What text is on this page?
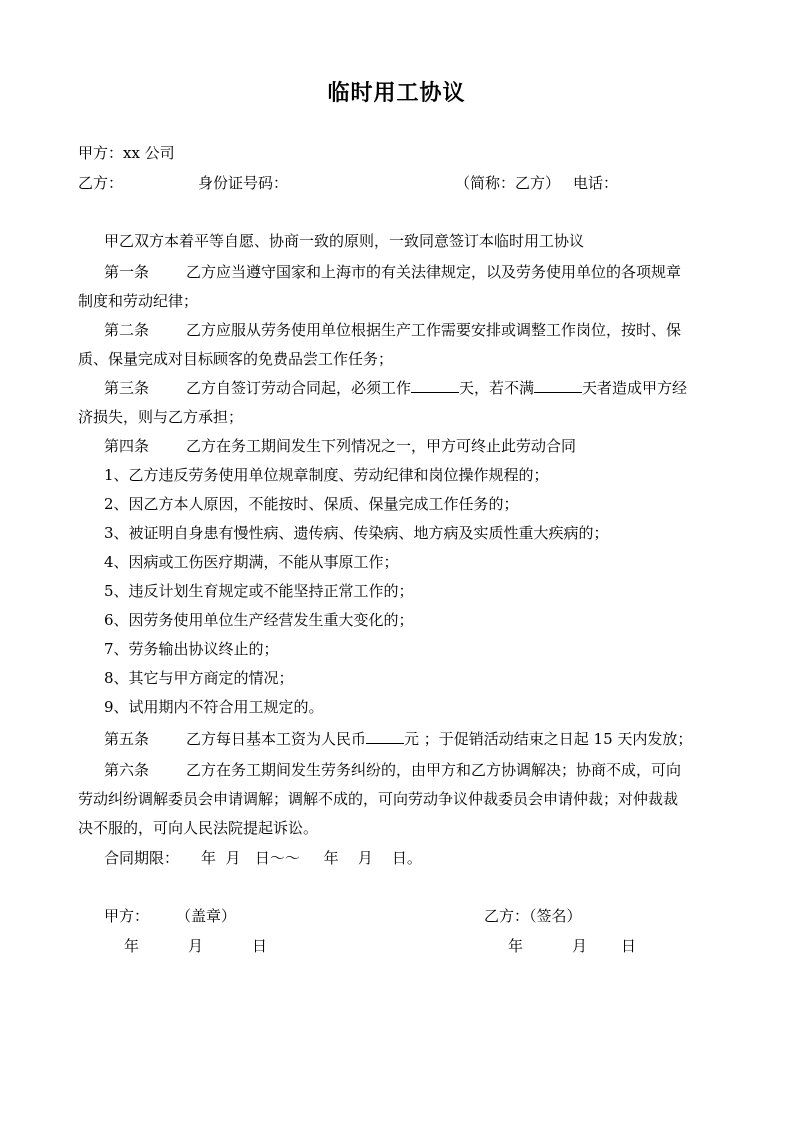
临时用工协议
甲方：xx 公司
乙方：	身份证号码：	（简称：乙方） 电话：
甲乙双方本着平等自愿、协商一致的原则，一致同意签订本临时用工协议
第一条 乙方应当遵守国家和上海市的有关法律规定，以及劳务使用单位的各项规章
制度和劳动纪律；
第二条 乙方应服从劳务使用单位根据生产工作需要安排或调整工作岗位，按时、保
质、保量完成对目标顾客的免费品尝工作任务；
第三条 乙方自签订劳动合同起，必须工作	天，若不满	天者造成甲方经
济损失，则与乙方承担；
第四条 乙方在务工期间发生下列情况之一，甲方可终止此劳动合同
1、乙方违反劳务使用单位规章制度、劳动纪律和岗位操作规程的；
2、因乙方本人原因，不能按时、保质、保量完成工作任务的；
3、被证明自身患有慢性病、遗传病、传染病、地方病及实质性重大疾病的；
4、因病或工伤医疗期满，不能从事原工作；
5、违反计划生育规定或不能坚持正常工作的；
6、因劳务使用单位生产经营发生重大变化的；
7、劳务输出协议终止的；
8、其它与甲方商定的情况；
9、试用期内不符合用工规定的。
第五条 乙方每日基本工资为人民币	元 ；于促销活动结束之日起 15 天内发放；
第六条 乙方在务工期间发生劳务纠纷的，由甲方和乙方协调解决；协商不成，可向
劳动纠纷调解委员会申请调解；调解不成的，可向劳动争议仲裁委员会申请仲裁；对仲裁裁
决不服的，可向人民法院提起诉讼。
合同期限： 年  月   日～～     年    月    日。
甲方： （盖章）	乙方：（签名）
年	月	日	年	月 日
